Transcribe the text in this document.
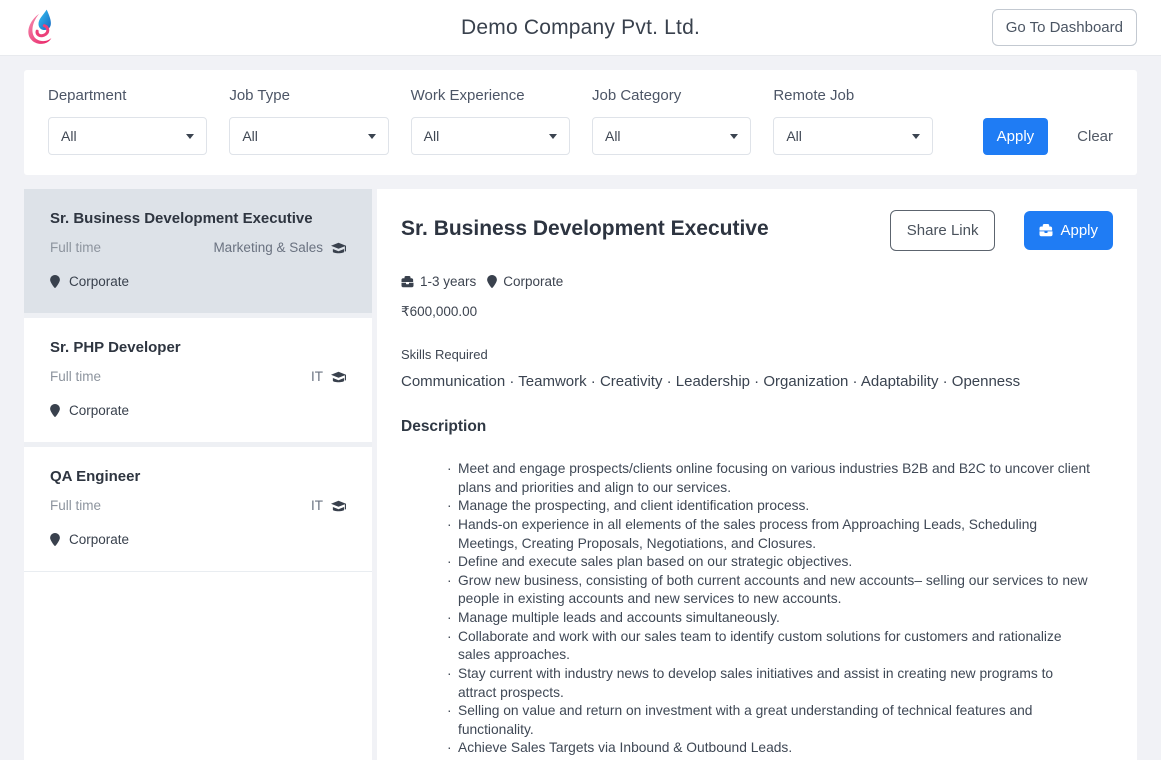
Demo Company Pvt. Ltd.	Go To Dashboard
Department
All
Job Type
All
Work Experience
All
Job Category
All
Remote Job
All	Apply	Clear
Sr. Business Development Executive
Full time	Marketing & Sales
Corporate
Sr. PHP Developer
Full time	IT
Corporate
QA Engineer
Full time	IT
Corporate
Sr. Business Development Executive	Share Link	Apply
1-3 years Corporate
₹600,000.00
Skills Required
Communication · Teamwork · Creativity · Leadership · Organization · Adaptability · Openness
Description
· Meet and engage prospects/clients online focusing on various industries B2B and B2C to uncover client plans and priorities and align to our services.
· Manage the prospecting, and client identification process.
· Hands-on experience in all elements of the sales process from Approaching Leads, Scheduling Meetings, Creating Proposals, Negotiations, and Closures.
· Define and execute sales plan based on our strategic objectives.
· Grow new business, consisting of both current accounts and new accounts– selling our services to new people in existing accounts and new services to new accounts.
· Manage multiple leads and accounts simultaneously.
· Collaborate and work with our sales team to identify custom solutions for customers and rationalize sales approaches.
· Stay current with industry news to develop sales initiatives and assist in creating new programs to attract prospects.
· Selling on value and return on investment with a great understanding of technical features and functionality.
· Achieve Sales Targets via Inbound & Outbound Leads.
